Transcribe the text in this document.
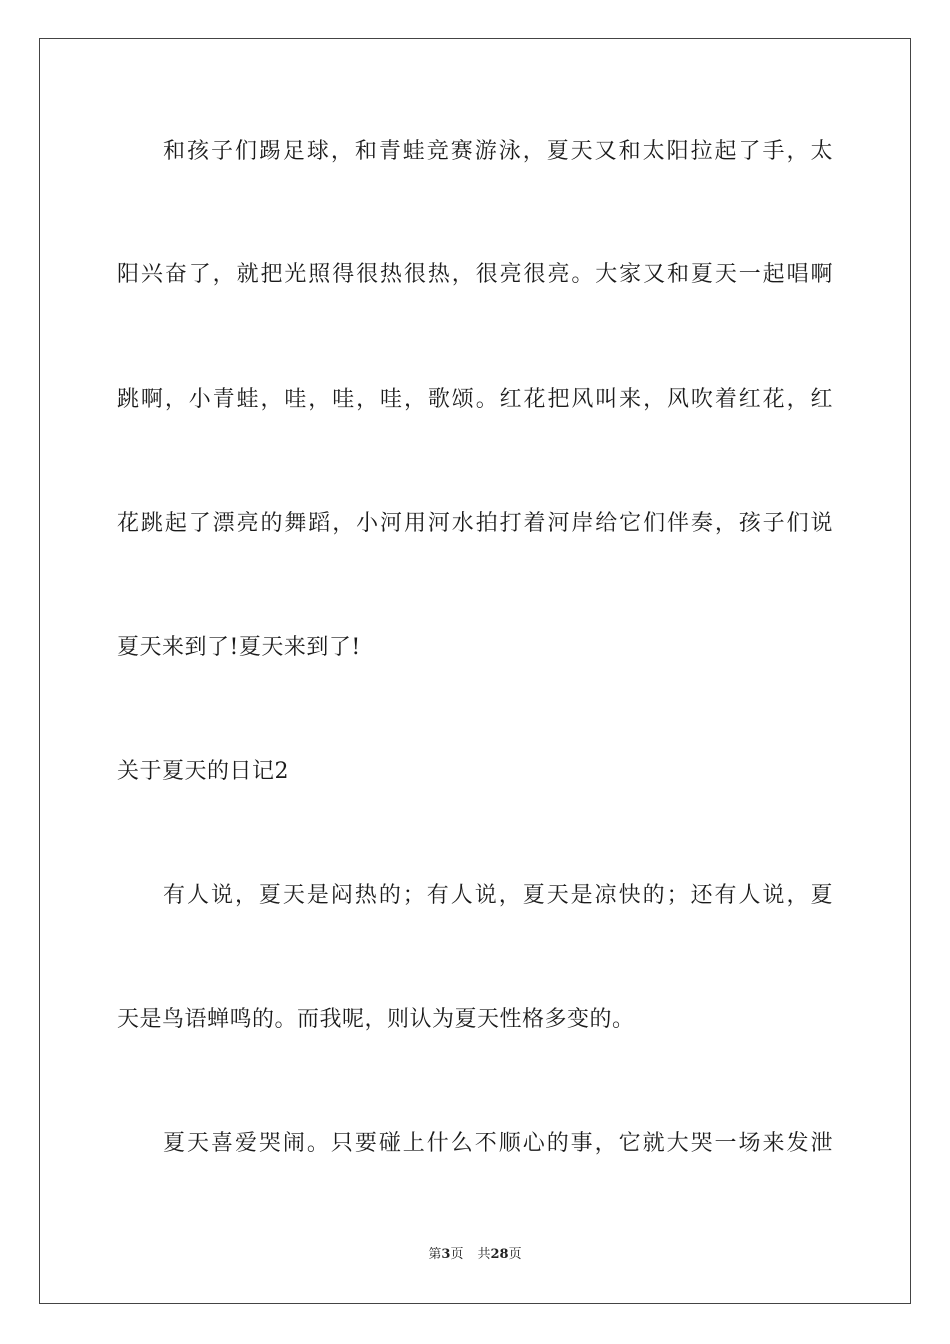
和孩子们踢足球，和青蛙竞赛游泳，夏天又和太阳拉起了手，太
阳兴奋了，就把光照得很热很热，很亮很亮。大家又和夏天一起唱啊
跳啊，小青蛙，哇，哇，哇，歌颂。红花把风叫来，风吹着红花，红
花跳起了漂亮的舞蹈，小河用河水拍打着河岸给它们伴奏，孩子们说
夏天来到了!夏天来到了!
关于夏天的日记2
有人说，夏天是闷热的；有人说，夏天是凉快的；还有人说，夏
天是鸟语蝉鸣的。而我呢，则认为夏天性格多变的。
夏天喜爱哭闹。只要碰上什么不顺心的事，它就大哭一场来发泄
第3页 共28页
